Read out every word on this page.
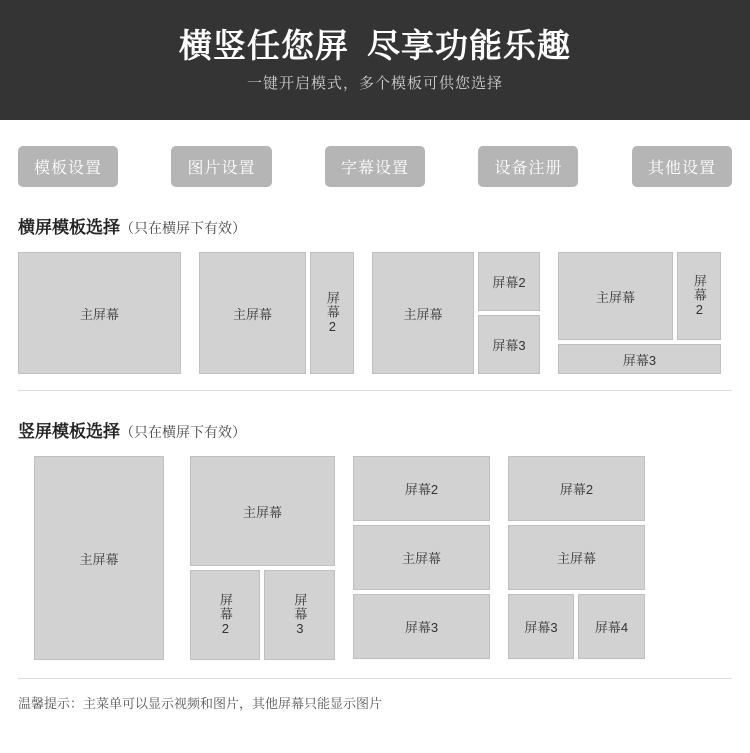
横竖任您屏 尽享功能乐趣
一键开启模式，多个模板可供您选择
模板设置	图片设置	字幕设置	设备注册	其他设置
横屏模板选择（只在横屏下有效）
主屏幕	主屏幕	屏幕2	主屏幕
屏幕2
屏幕3
主屏幕	屏幕2
屏幕3
竖屏模板选择（只在横屏下有效）
主屏幕
主屏幕
屏幕2	屏幕3
屏幕2
主屏幕
屏幕3
屏幕2
主屏幕
屏幕3	屏幕4
温馨提示：主菜单可以显示视频和图片，其他屏幕只能显示图片
